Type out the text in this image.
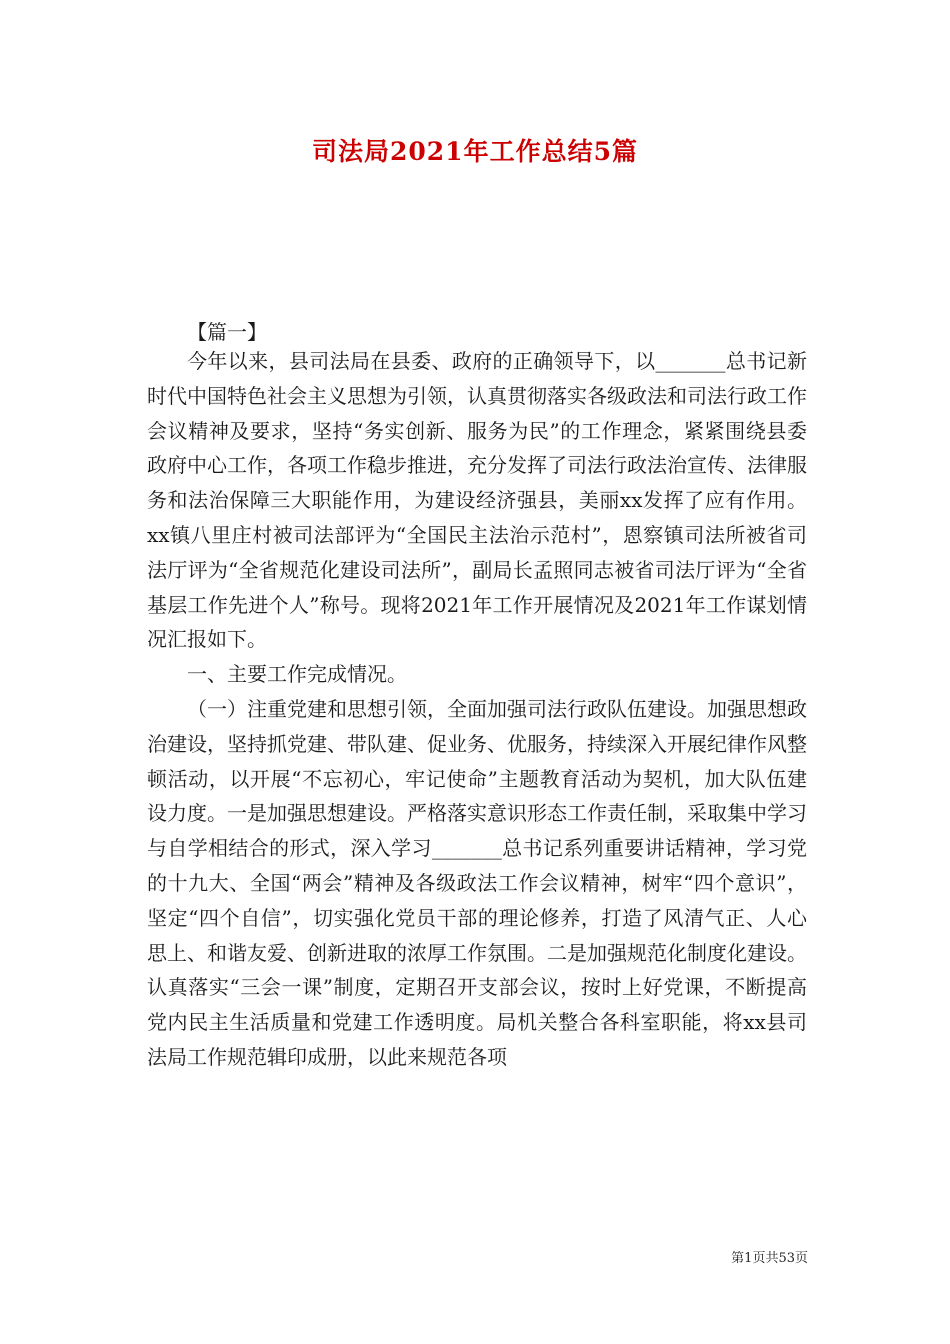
司法局2021年工作总结5篇
【篇一】

今年以来，县司法局在县委、政府的正确领导下，以_______总书记新时代中国特色社会主义思想为引领，认真贯彻落实各级政法和司法行政工作会议精神及要求，坚持“务实创新、服务为民”的工作理念，紧紧围绕县委政府中心工作，各项工作稳步推进，充分发挥了司法行政法治宣传、法律服务和法治保障三大职能作用，为建设经济强县，美丽xx发挥了应有作用。xx镇八里庄村被司法部评为“全国民主法治示范村”，恩察镇司法所被省司法厅评为“全省规范化建设司法所”，副局长孟照同志被省司法厅评为“全省基层工作先进个人”称号。现将2021年工作开展情况及2021年工作谋划情况汇报如下。

一、主要工作完成情况。

（一）注重党建和思想引领，全面加强司法行政队伍建设。加强思想政治建设，坚持抓党建、带队建、促业务、优服务，持续深入开展纪律作风整顿活动，以开展“不忘初心，牢记使命”主题教育活动为契机，加大队伍建设力度。一是加强思想建设。严格落实意识形态工作责任制，采取集中学习与自学相结合的形式，深入学习_______总书记系列重要讲话精神，学习党的十九大、全国“两会”精神及各级政法工作会议精神，树牢“四个意识”，坚定“四个自信”，切实强化党员干部的理论修养，打造了风清气正、人心思上、和谐友爱、创新进取的浓厚工作氛围。二是加强规范化制度化建设。认真落实“三会一课”制度，定期召开支部会议，按时上好党课，不断提高党内民主生活质量和党建工作透明度。局机关整合各科室职能，将xx县司法局工作规范辑印成册，以此来规范各项

第1页共53页
